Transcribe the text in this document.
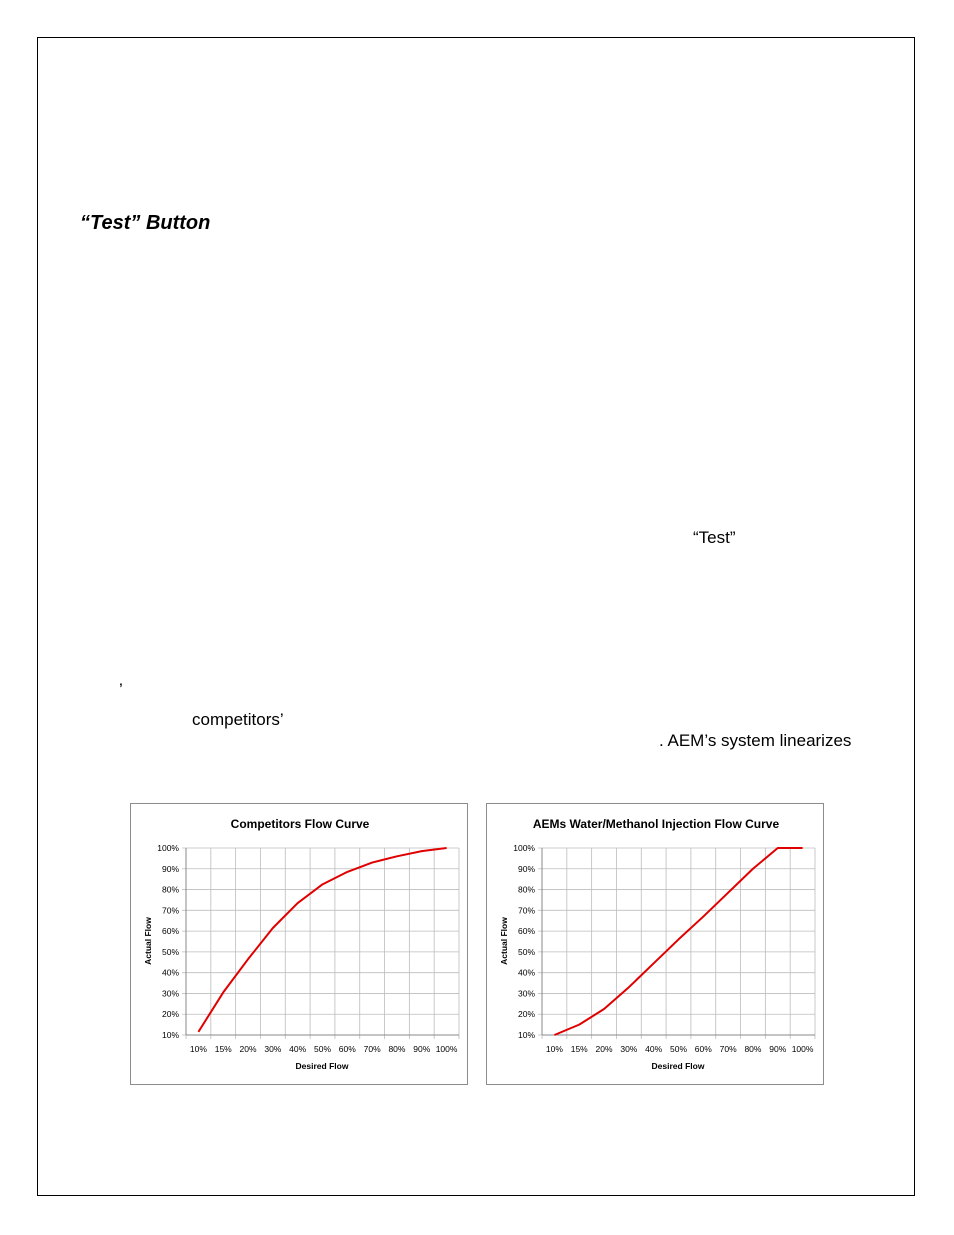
“Test” Button
“Test”
’
competitors’
. AEM’s system linearizes
Competitors Flow Curve
100%
90%
80%
70%
60%
50%
40%
30%
20%
10%
10% 15% 20% 30% 40% 50% 60% 70% 80% 90% 100%
Desired Flow
Actual Flow
AEMs Water/Methanol Injection Flow Curve
100%
90%
80%
70%
60%
50%
40%
30%
20%
10%
10% 15% 20% 30% 40% 50% 60% 70% 80% 90% 100%
Desired Flow
Actual Flow
